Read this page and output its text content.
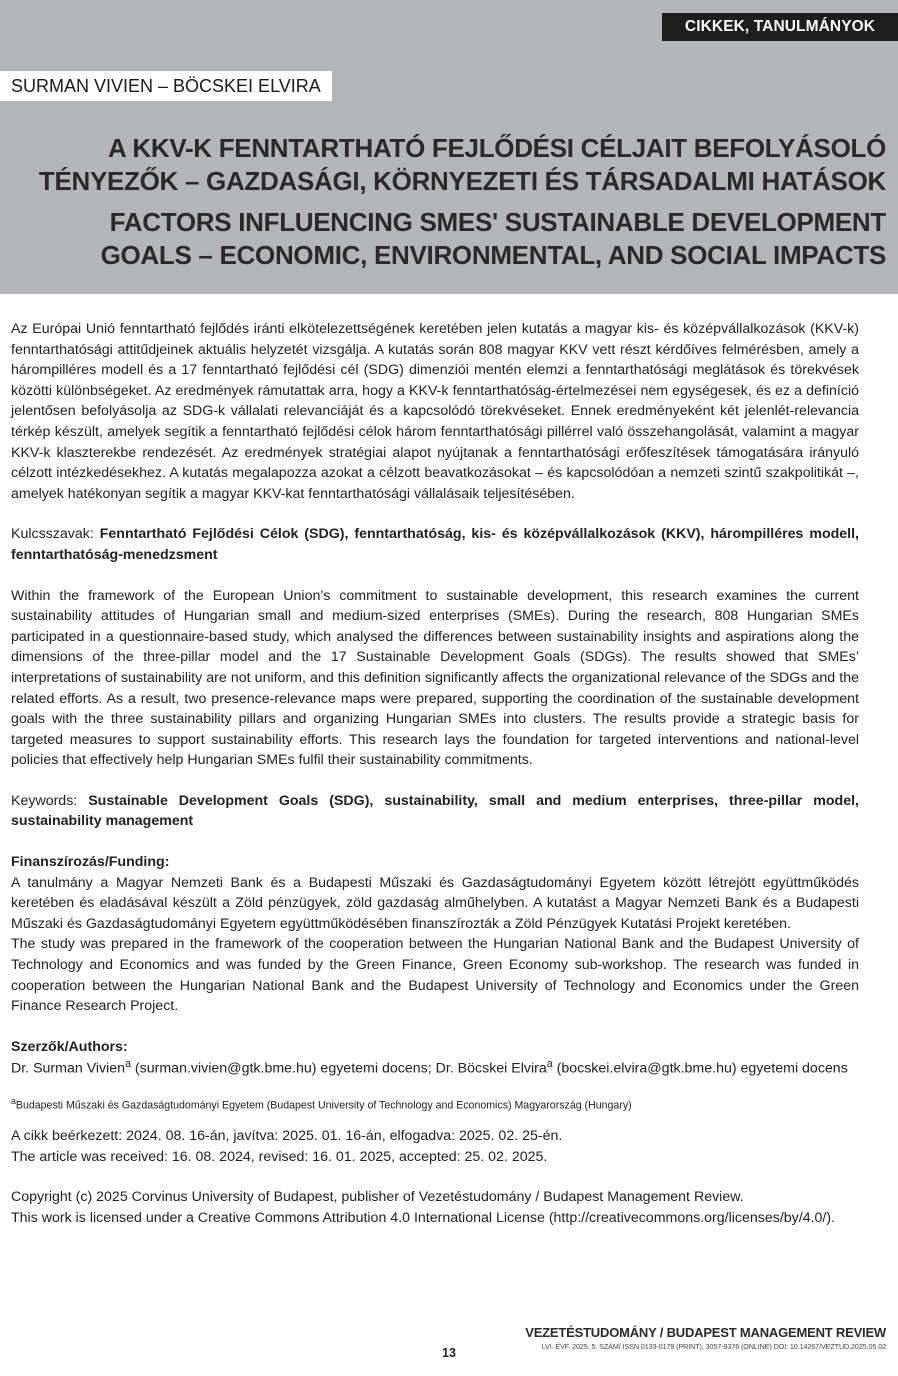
CIKKEK, TANULMÁNYOK
SURMAN VIVIEN – BÖCSKEI ELVIRA
A KKV-K FENNTARTHATÓ FEJLŐDÉSI CÉLJAIT BEFOLYÁSOLÓ
TÉNYEZŐK – GAZDASÁGI, KÖRNYEZETI ÉS TÁRSADALMI HATÁSOK
FACTORS INFLUENCING SMES' SUSTAINABLE DEVELOPMENT
GOALS – ECONOMIC, ENVIRONMENTAL, AND SOCIAL IMPACTS

Az Európai Unió fenntartható fejlődés iránti elkötelezettségének keretében jelen kutatás a magyar kis- és középvállalkozások (KKV-k) fenntarthatósági attitűdjeinek aktuális helyzetét vizsgálja. A kutatás során 808 magyar KKV vett részt kérdőíves felmérésben, amely a hárompilléres modell és a 17 fenntartható fejlődési cél (SDG) dimenziói mentén elemzi a fenntarthatósági meglátások és törekvések közötti különbségeket. Az eredmények rámutattak arra, hogy a KKV-k fenntarthatóság-értelmezései nem egységesek, és ez a definíció jelentősen befolyásolja az SDG-k vállalati relevanciáját és a kapcsolódó törekvéseket. Ennek eredményeként két jelenlét-relevancia térkép készült, amelyek segítik a fenntartható fejlődési célok három fenntarthatósági pillérrel való összehangolását, valamint a magyar KKV-k klaszterekbe rendezését. Az eredmények stratégiai alapot nyújtanak a fenntarthatósági erőfeszítések támogatására irányuló célzott intézkedésekhez. A kutatás megalapozza azokat a célzott beavatkozásokat – és kapcsolódóan a nemzeti szintű szakpolitikát –, amelyek hatékonyan segítik a magyar KKV-kat fenntarthatósági vállalásaik teljesítésében.

Kulcsszavak: Fenntartható Fejlődési Célok (SDG), fenntarthatóság, kis- és középvállalkozások (KKV), hárompilléres modell, fenntarthatóság-menedzsment

Within the framework of the European Union’s commitment to sustainable development, this research examines the current sustainability attitudes of Hungarian small and medium-sized enterprises (SMEs). During the research, 808 Hungarian SMEs participated in a questionnaire-based study, which analysed the differences between sustainability insights and aspirations along the dimensions of the three-pillar model and the 17 Sustainable Development Goals (SDGs). The results showed that SMEs’ interpretations of sustainability are not uniform, and this definition significantly affects the organizational relevance of the SDGs and the related efforts. As a result, two presence-relevance maps were prepared, supporting the coordination of the sustainable development goals with the three sustainability pillars and organizing Hungarian SMEs into clusters. The results provide a strategic basis for targeted measures to support sustainability efforts. This research lays the foundation for targeted interventions and national-level policies that effectively help Hungarian SMEs fulfil their sustainability commitments.

Keywords: Sustainable Development Goals (SDG), sustainability, small and medium enterprises, three-pillar model, sustainability management

Finanszírozás/Funding:

A tanulmány a Magyar Nemzeti Bank és a Budapesti Műszaki és Gazdaságtudományi Egyetem között létrejött együttműködés keretében és eladásával készült a Zöld pénzügyek, zöld gazdaság alműhelyben. A kutatást a Magyar Nemzeti Bank és a Budapesti Műszaki és Gazdaságtudományi Egyetem együttműködésében finanszírozták a Zöld Pénzügyek Kutatási Projekt keretében.

The study was prepared in the framework of the cooperation between the Hungarian National Bank and the Budapest University of Technology and Economics and was funded by the Green Finance, Green Economy sub-workshop. The research was funded in cooperation between the Hungarian National Bank and the Budapest University of Technology and Economics under the Green Finance Research Project.

Szerzők/Authors:

Dr. Surman Vivien$^a$ (surman.vivien@gtk.bme.hu) egyetemi docens; Dr. Böcskei Elvira$^a$ (bocskei.elvira@gtk.bme.hu) egyetemi docens

$^a$Budapesti Műszaki és Gazdaságtudományi Egyetem (Budapest University of Technology and Economics) Magyarország (Hungary)

A cikk beérkezett: 2024. 08. 16-án, javítva: 2025. 01. 16-án, elfogadva: 2025. 02. 25-én.

The article was received: 16. 08. 2024, revised: 16. 01. 2025, accepted: 25. 02. 2025.

Copyright (c) 2025 Corvinus University of Budapest, publisher of Vezetéstudomány / Budapest Management Review.

This work is licensed under a Creative Commons Attribution 4.0 International License (http://creativecommons.org/licenses/by/4.0/).

VEZETÉSTUDOMÁNY / BUDAPEST MANAGEMENT REVIEW
LVI. ÉVF. 2025. 5. SZÁM/ ISSN 0133-0179 (PRINT); 3057-9376 (ONLINE) DOI: 10.14267/VEZTUD.2025.05.02
13
